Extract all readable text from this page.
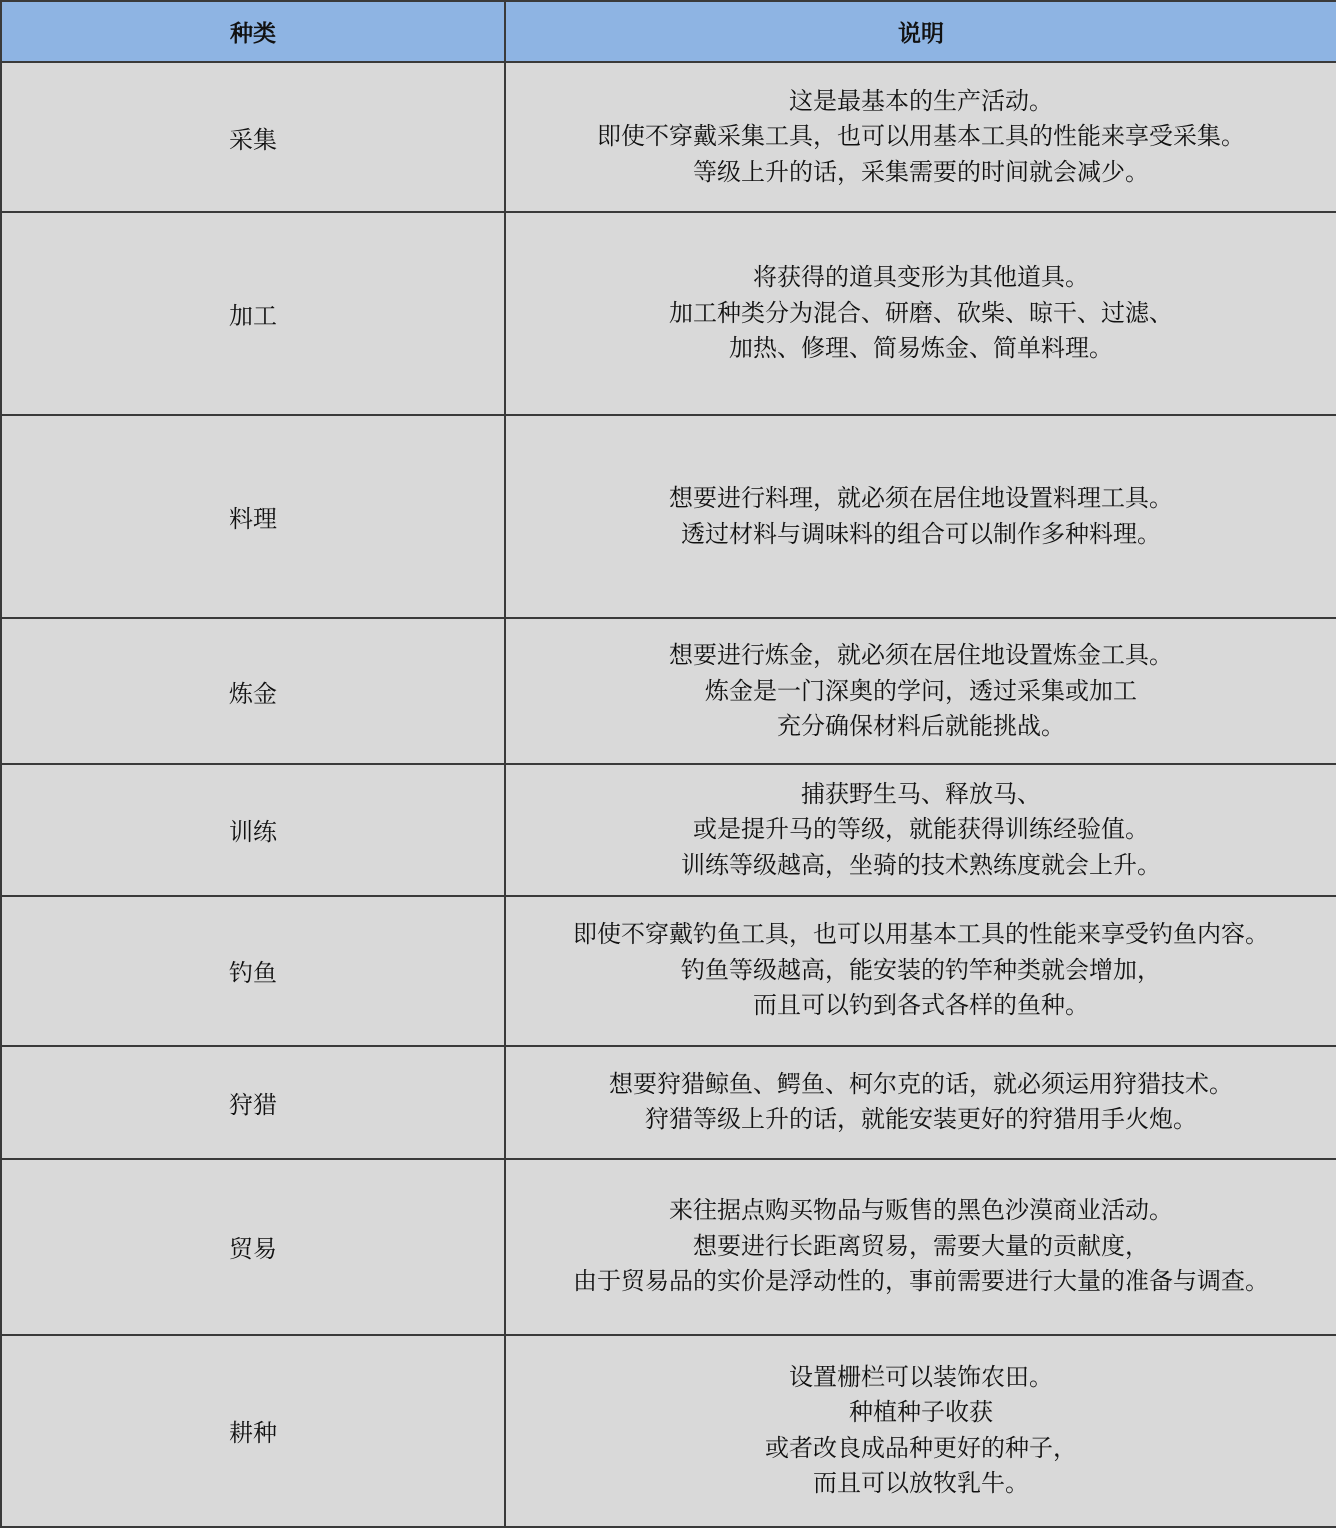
种类	说明
采集	这是最基本的生产活动。
即使不穿戴采集工具，也可以用基本工具的性能来享受采集。
等级上升的话，采集需要的时间就会减少。

加工	将获得的道具变形为其他道具。
加工种类分为混合、研磨、砍柴、晾干、过滤、
加热、修理、简易炼金、简单料理。

料理	想要进行料理，就必须在居住地设置料理工具。
透过材料与调味料的组合可以制作多种料理。

炼金	想要进行炼金，就必须在居住地设置炼金工具。
炼金是一门深奥的学问，透过采集或加工
充分确保材料后就能挑战。

训练	捕获野生马、释放马、
或是提升马的等级，就能获得训练经验值。
训练等级越高，坐骑的技术熟练度就会上升。

钓鱼	即使不穿戴钓鱼工具，也可以用基本工具的性能来享受钓鱼内容。
钓鱼等级越高，能安装的钓竿种类就会增加，
而且可以钓到各式各样的鱼种。

狩猎	想要狩猎鲸鱼、鳄鱼、柯尔克的话，就必须运用狩猎技术。
狩猎等级上升的话，就能安装更好的狩猎用手火炮。

贸易	来往据点购买物品与贩售的黑色沙漠商业活动。
想要进行长距离贸易，需要大量的贡献度，
由于贸易品的实价是浮动性的，事前需要进行大量的准备与调查。

耕种	设置栅栏可以装饰农田。
种植种子收获
或者改良成品种更好的种子，
而且可以放牧乳牛。
